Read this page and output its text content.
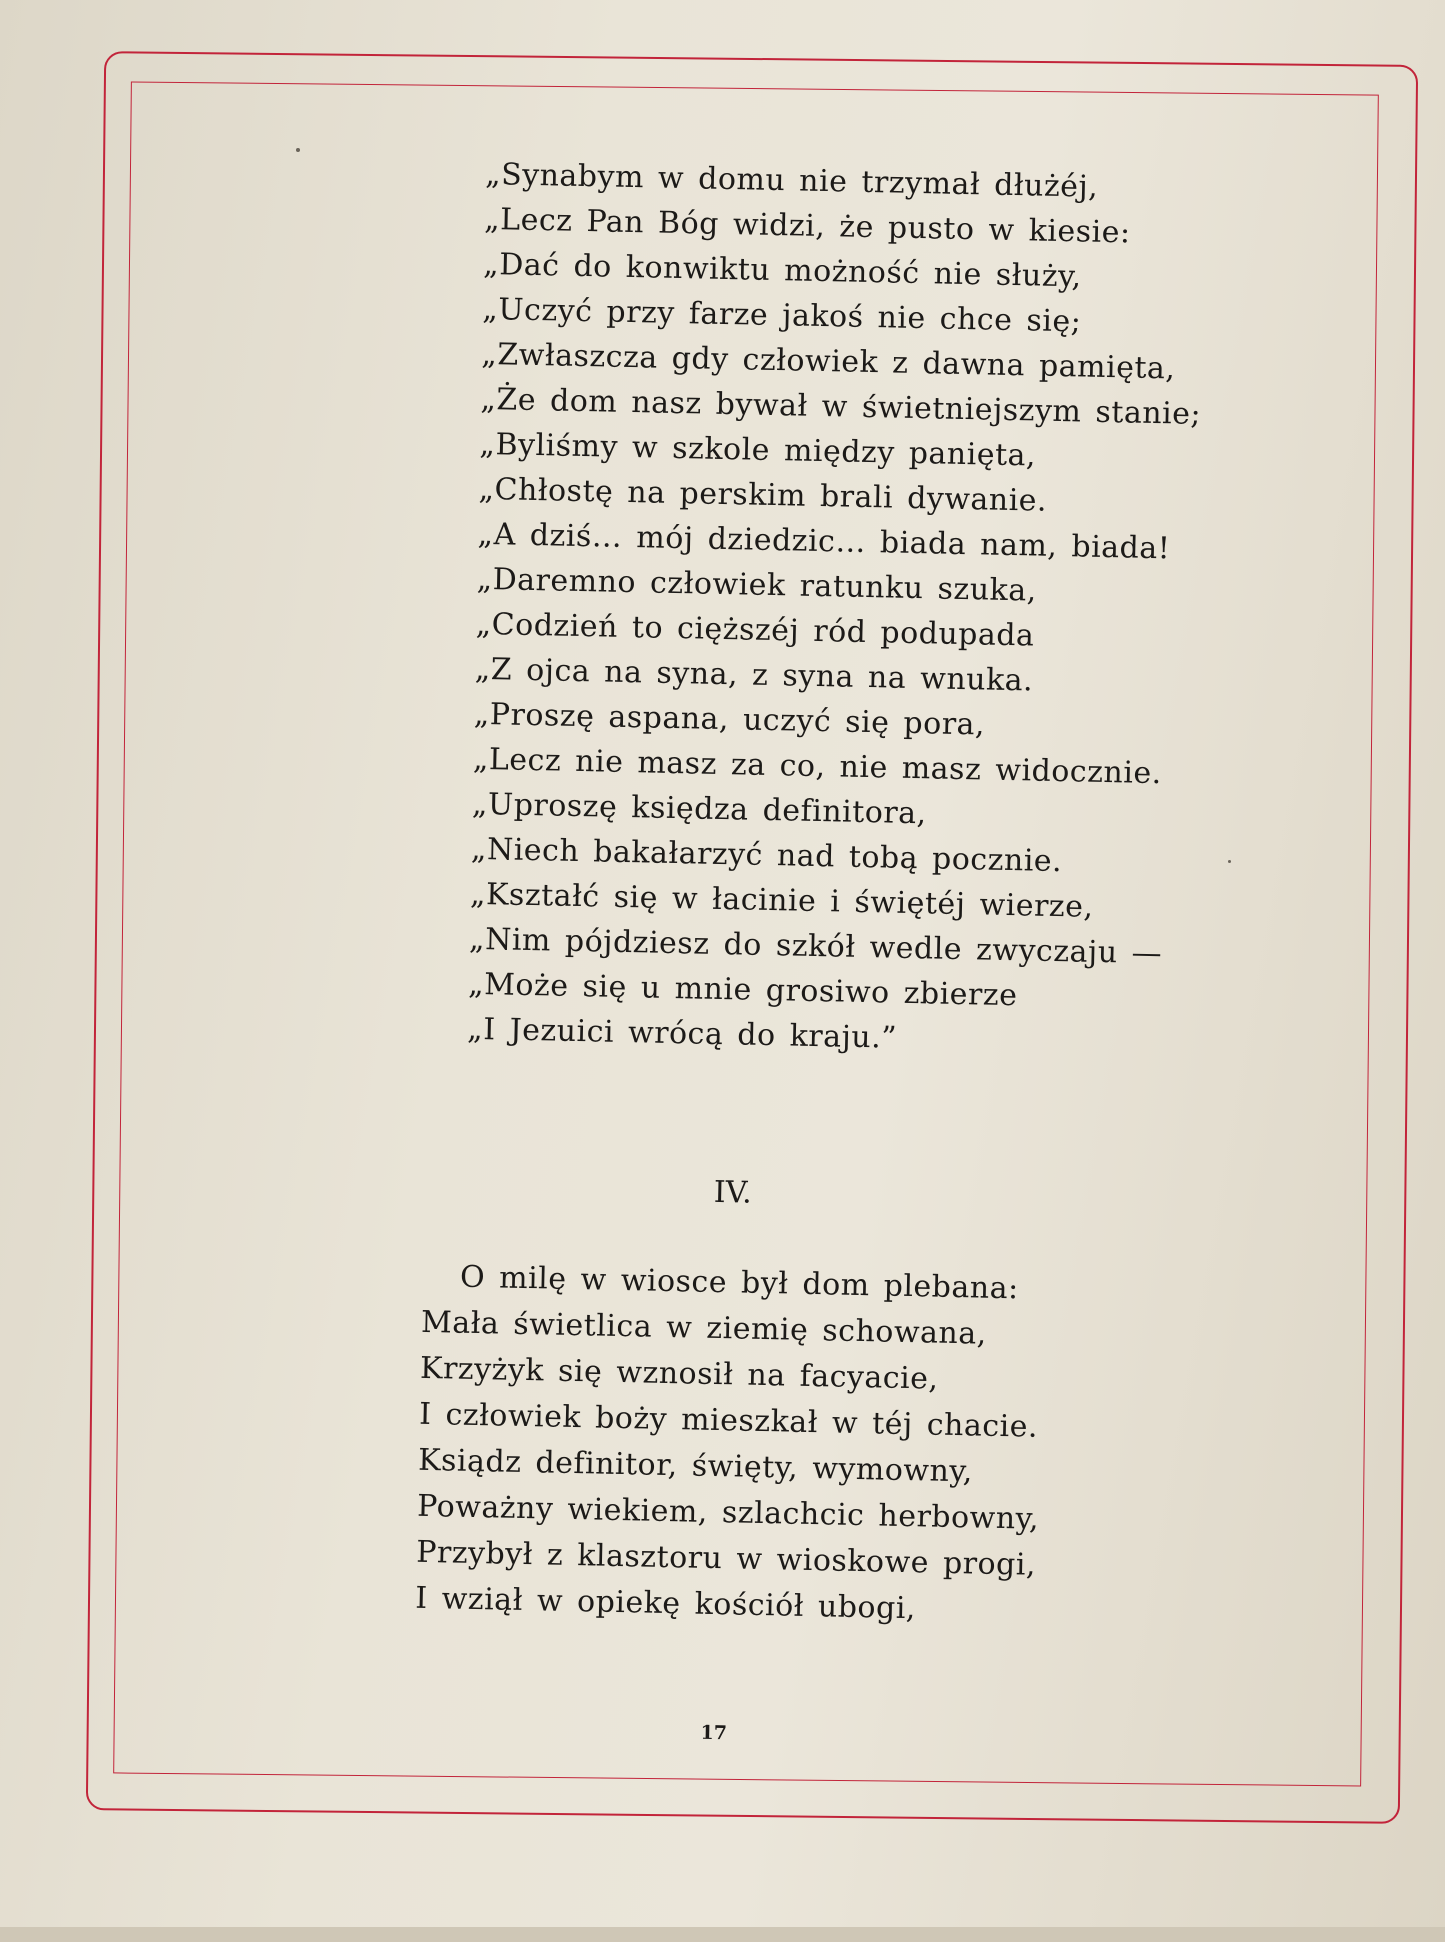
„Synabym w domu nie trzymał dłużéj,
„Lecz Pan Bóg widzi, że pusto w kiesie:
„Dać do konwiktu możność nie służy,
„Uczyć przy farze jakoś nie chce się;
„Zwłaszcza gdy człowiek z dawna pamięta,
„Że dom nasz bywał w świetniejszym stanie;
„Byliśmy w szkole między panięta,
„Chłostę na perskim brali dywanie.
„A dziś… mój dziedzic… biada nam, biada!
„Daremno człowiek ratunku szuka,
„Codzień to cięższéj ród podupada
„Z ojca na syna, z syna na wnuka.
„Proszę aspana, uczyć się pora,
„Lecz nie masz za co, nie masz widocznie.
„Uproszę księdza definitora,
„Niech bakałarzyć nad tobą pocznie.
„Kształć się w łacinie i świętéj wierze,
„Nim pójdziesz do szkół wedle zwyczaju —
„Może się u mnie grosiwo zbierze
„I Jezuici wrócą do kraju.”
IV.
O milę w wiosce był dom plebana:
Mała świetlica w ziemię schowana,
Krzyżyk się wznosił na facyacie,
I człowiek boży mieszkał w téj chacie.
Ksiądz definitor, święty, wymowny,
Poważny wiekiem, szlachcic herbowny,
Przybył z klasztoru w wioskowe progi,
I wziął w opiekę kościół ubogi,
17
